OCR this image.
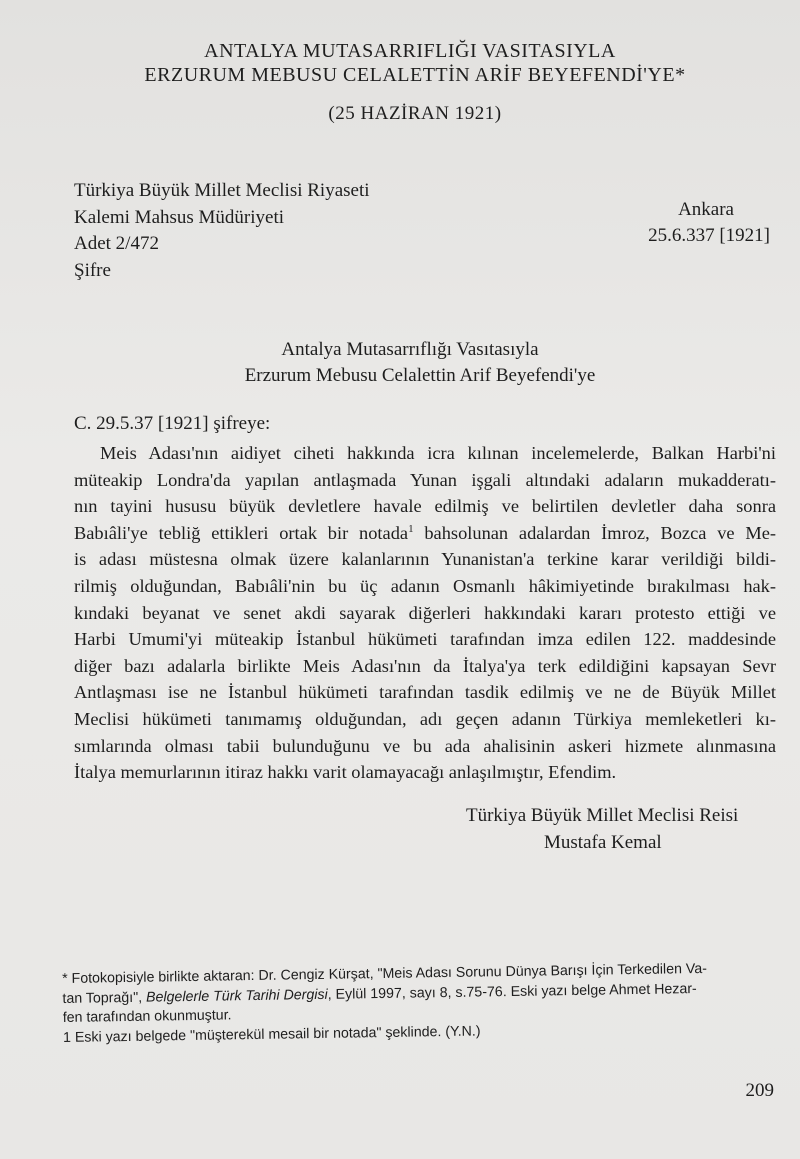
ANTALYA MUTASARRIFLIĞI VASITASIYLA
ERZURUM MEBUSU CELALETTİN ARİF BEYEFENDİ'YE*
(25 HAZİRAN 1921)
Türkiya Büyük Millet Meclisi Riyaseti
Kalemi Mahsus Müdüriyeti
Adet 2/472
Şifre
Ankara
25.6.337 [1921]
Antalya Mutasarrıflığı Vasıtasıyla
Erzurum Mebusu Celalettin Arif Beyefendi'ye
C. 29.5.37 [1921] şifreye:
Meis Adası'nın aidiyet ciheti hakkında icra kılınan incelemelerde, Balkan Harbi'ni
müteakip Londra'da yapılan antlaşmada Yunan işgali altındaki adaların mukadderatı-
nın tayini hususu büyük devletlere havale edilmiş ve belirtilen devletler daha sonra
Babıâli'ye tebliğ ettikleri ortak bir notada$^1$ bahsolunan adalardan İmroz, Bozca ve Me-
is adası müstesna olmak üzere kalanlarının Yunanistan'a terkine karar verildiği bildi-
rilmiş olduğundan, Babıâli'nin bu üç adanın Osmanlı hâkimiyetinde bırakılması hak-
kındaki beyanat ve senet akdi sayarak diğerleri hakkındaki kararı protesto ettiği ve
Harbi Umumi'yi müteakip İstanbul hükümeti tarafından imza edilen 122. maddesinde
diğer bazı adalarla birlikte Meis Adası'nın da İtalya'ya terk edildiğini kapsayan Sevr
Antlaşması ise ne İstanbul hükümeti tarafından tasdik edilmiş ve ne de Büyük Millet
Meclisi hükümeti tanımamış olduğundan, adı geçen adanın Türkiya memleketleri kı-
sımlarında olması tabii bulunduğunu ve bu ada ahalisinin askeri hizmete alınmasına
İtalya memurlarının itiraz hakkı varit olamayacağı anlaşılmıştır, Efendim.
Türkiya Büyük Millet Meclisi Reisi
Mustafa Kemal
* Fotokopisiyle birlikte aktaran: Dr. Cengiz Kürşat, "Meis Adası Sorunu Dünya Barışı İçin Terkedilen Va-
tan Toprağı", Belgelerle Türk Tarihi Dergisi, Eylül 1997, sayı 8, s.75-76. Eski yazı belge Ahmet Hezar-
fen tarafından okunmuştur.
1 Eski yazı belgede "müşterekül mesail bir notada" şeklinde. (Y.N.)
209
